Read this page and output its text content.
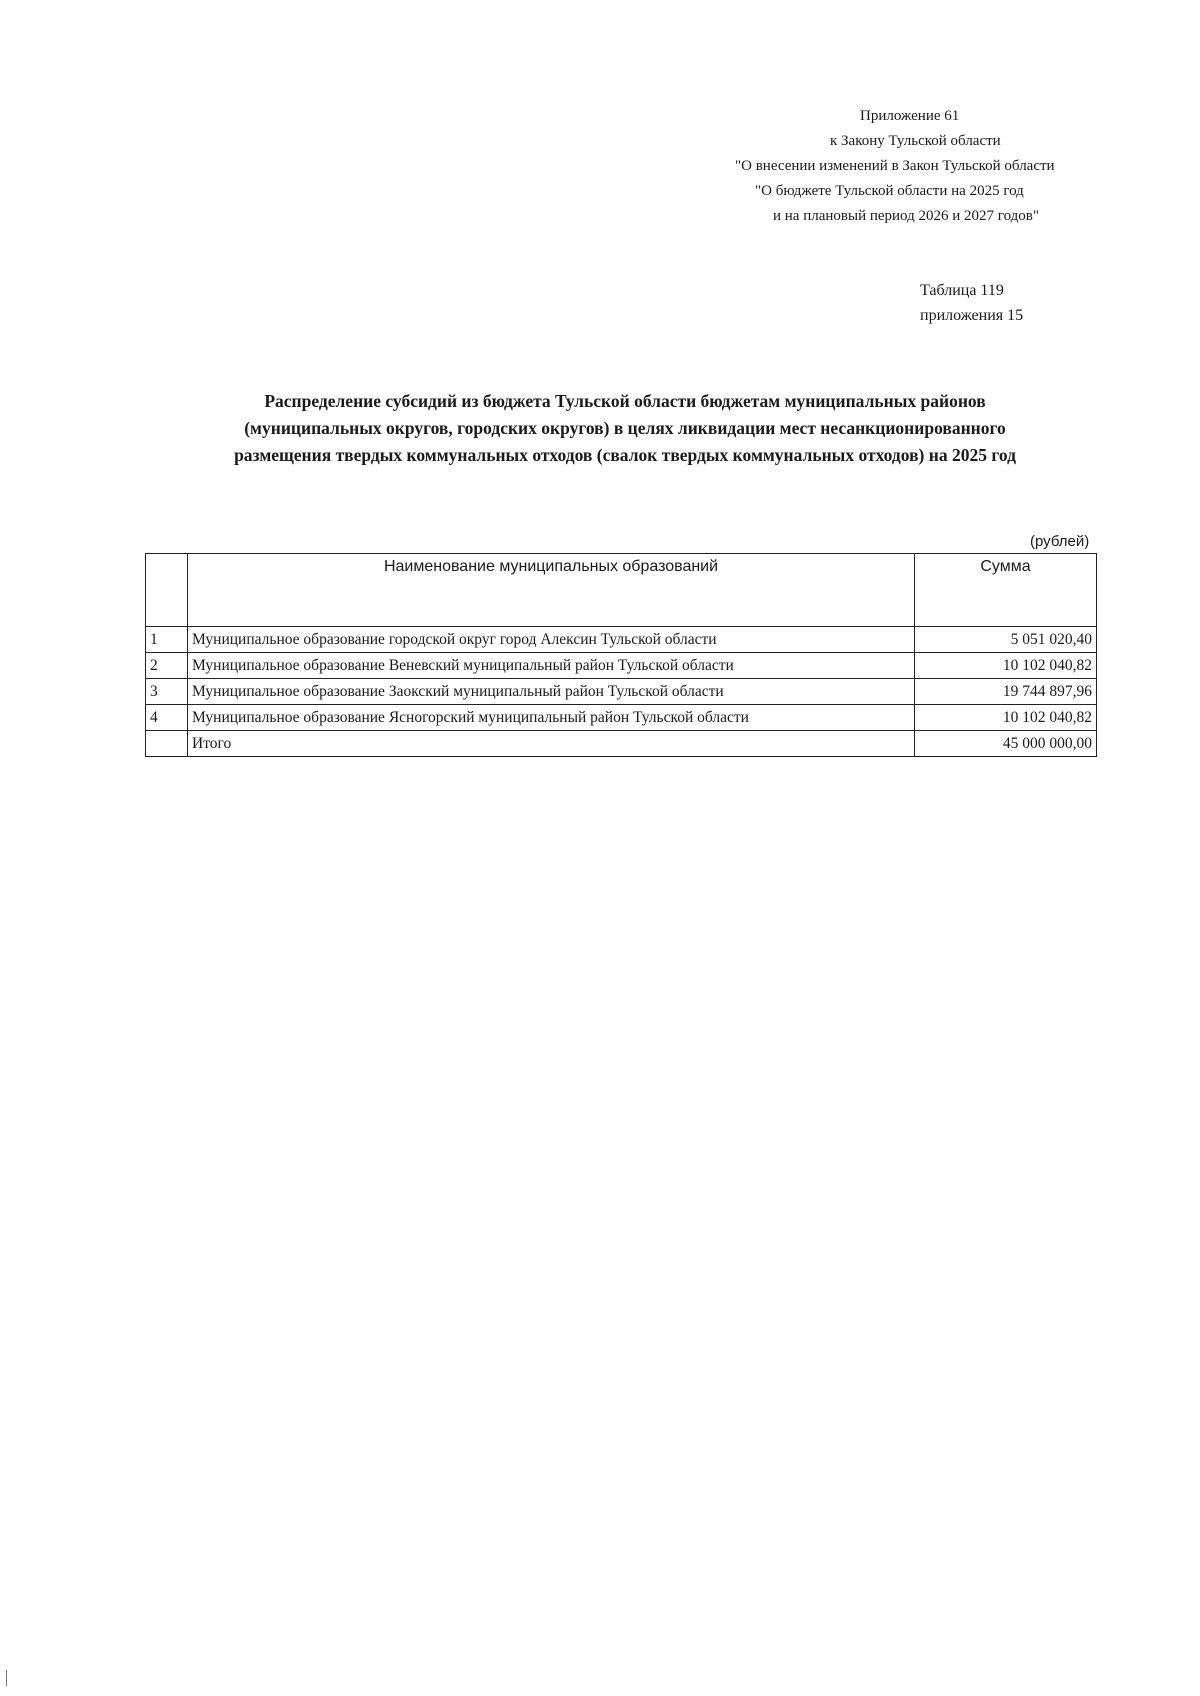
Приложение 61
к Закону Тульской области
"О внесении изменений в Закон Тульской области
"О бюджете Тульской области на 2025 год
и на плановый период 2026 и 2027 годов"
Таблица 119
приложения 15
Распределение субсидий из бюджета Тульской области бюджетам муниципальных районов
(муниципальных округов, городских округов) в целях ликвидации мест несанкционированного
размещения твердых коммунальных отходов (свалок твердых коммунальных отходов) на 2025 год
(рублей)
	Наименование муниципальных образований	Сумма
1	Муниципальное образование городской округ город Алексин Тульской области	5 051 020,40
2	Муниципальное образование Веневский муниципальный район Тульской области	10 102 040,82
3	Муниципальное образование Заокский муниципальный район Тульской области	19 744 897,96
4	Муниципальное образование Ясногорский муниципальный район Тульской области	10 102 040,82
	Итого	45 000 000,00
